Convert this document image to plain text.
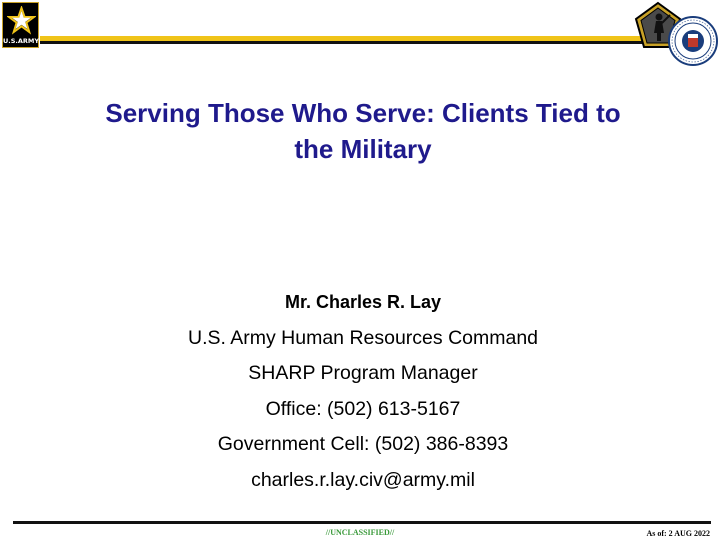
U.S.ARMY
Serving Those Who Serve: Clients Tied to
the Military
Mr. Charles R. Lay
U.S. Army Human Resources Command
SHARP Program Manager
Office: (502) 613-5167
Government Cell: (502) 386-8393
charles.r.lay.civ@army.mil
//UNCLASSIFIED//	As of: 2 AUG 2022
